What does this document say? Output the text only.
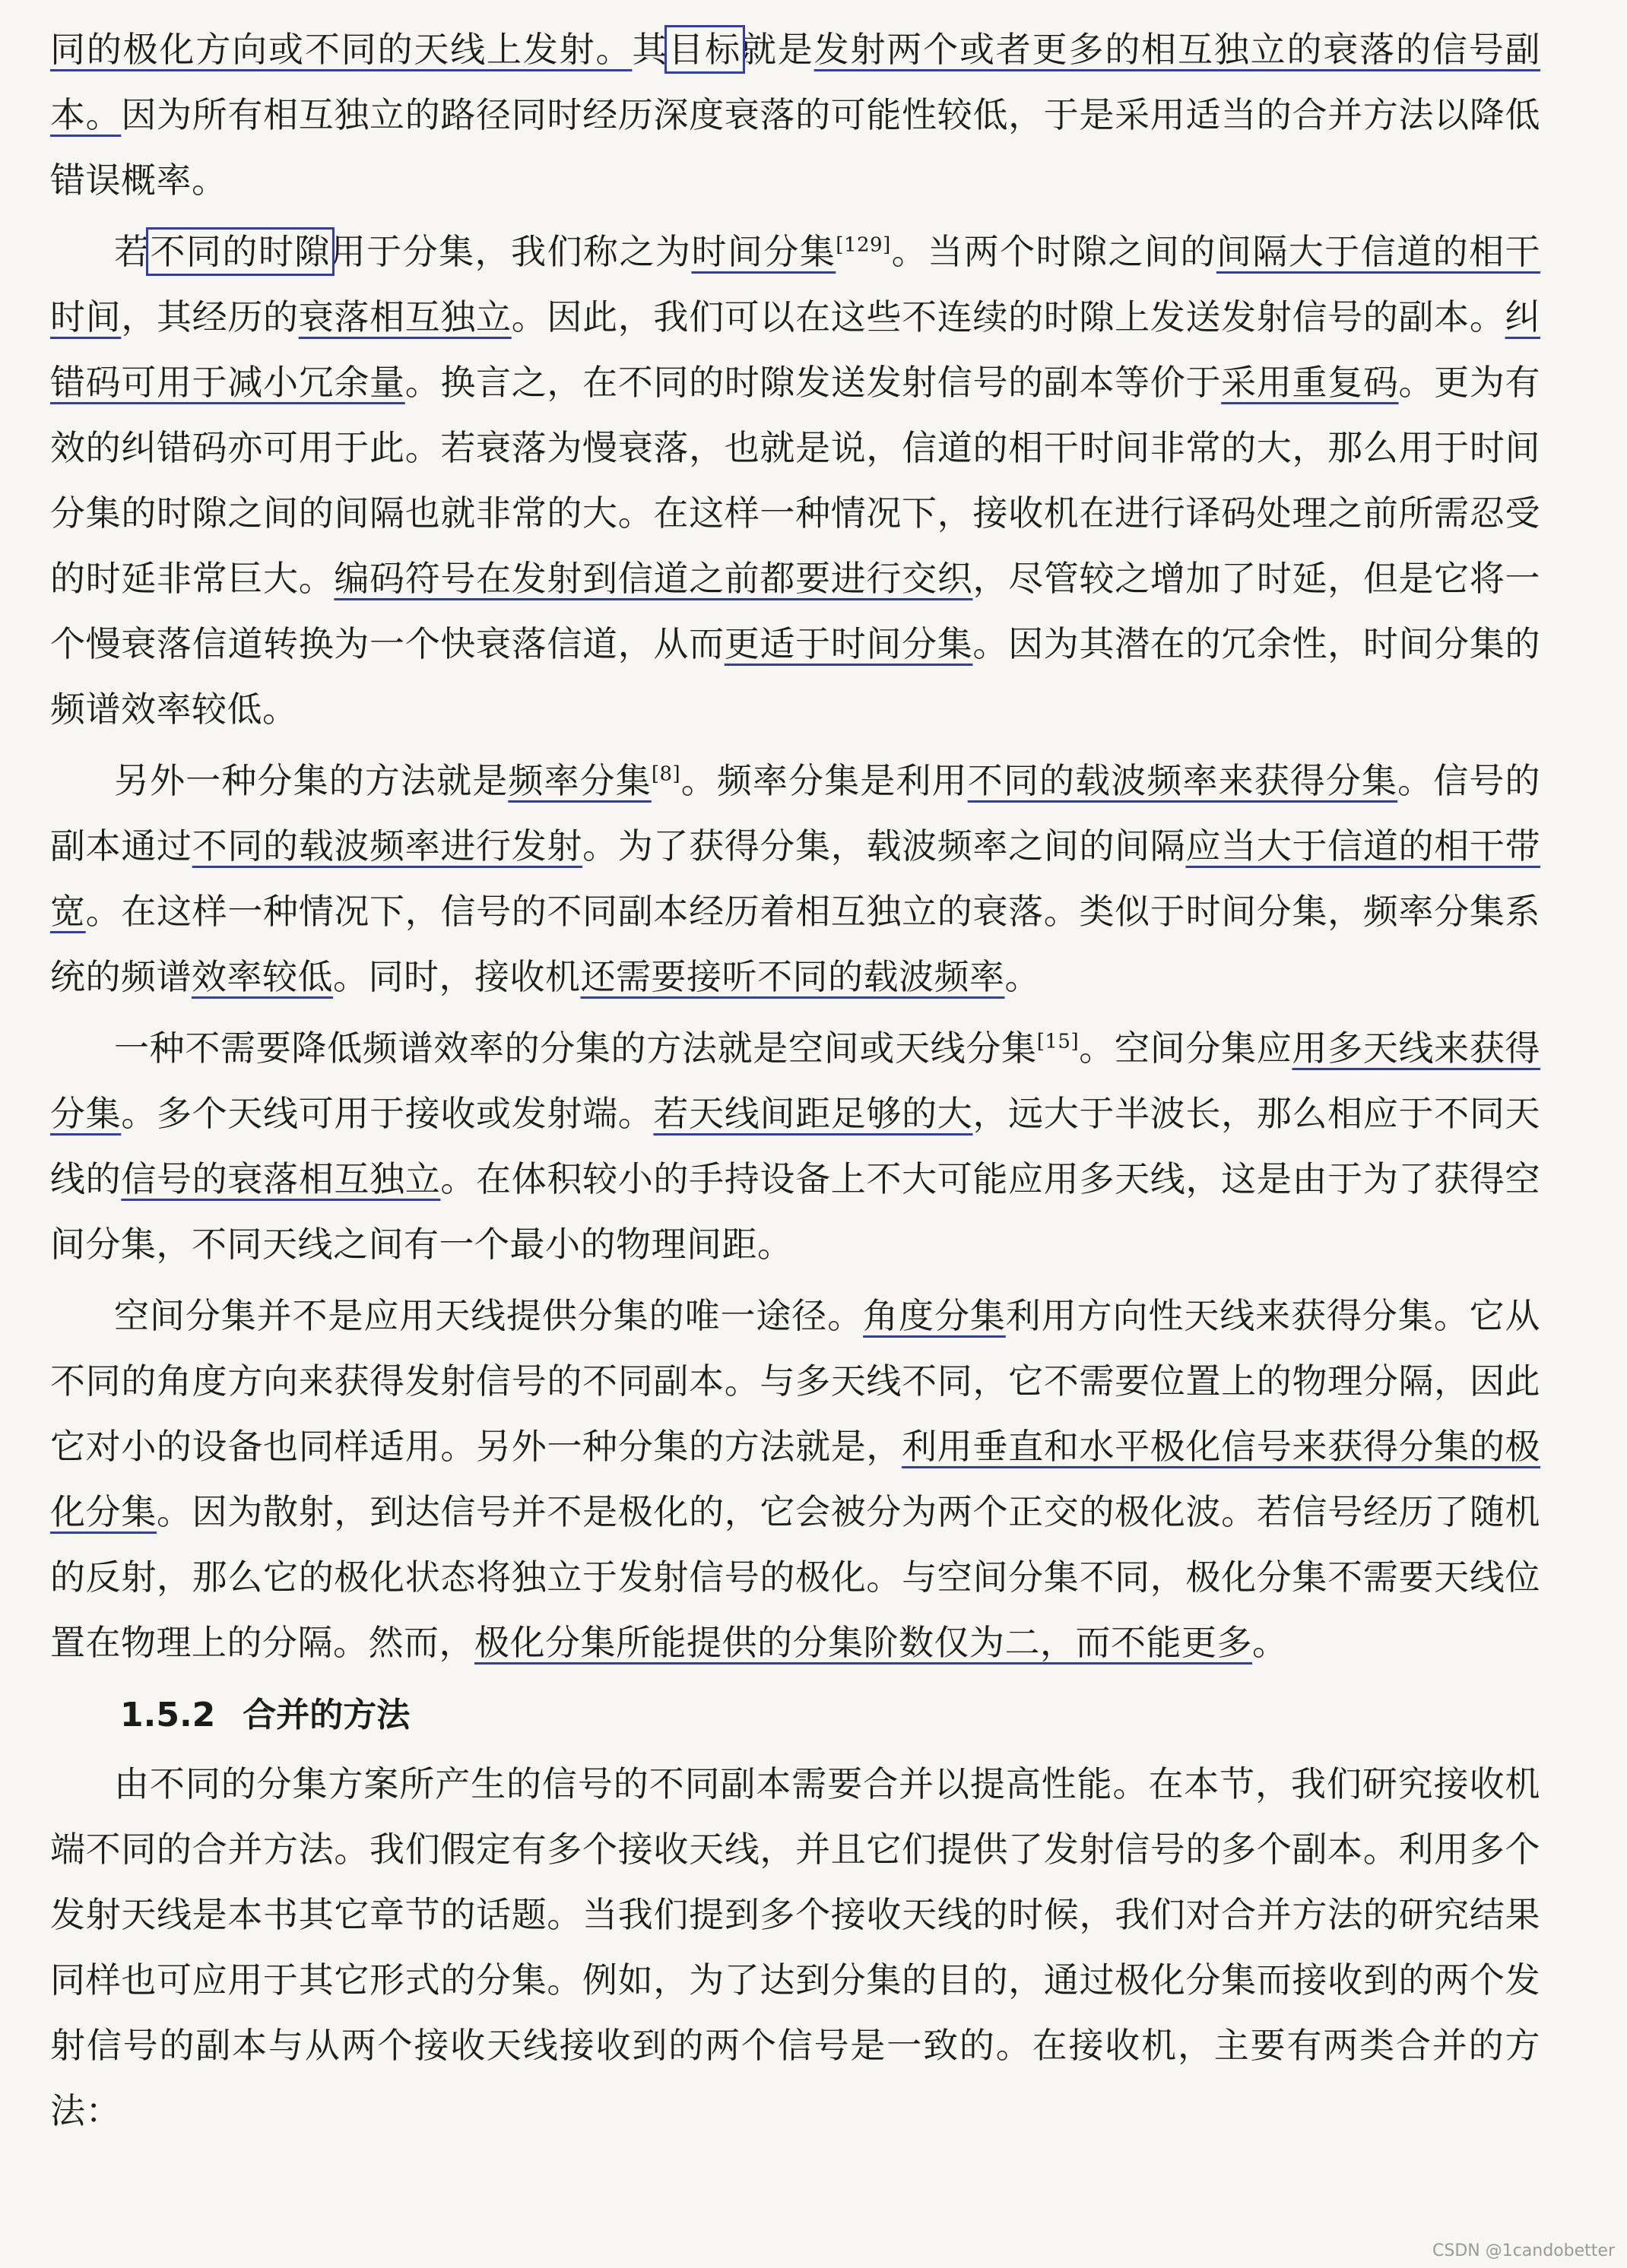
同的极化方向或不同的天线上发射。其目标就是发射两个或者更多的相互独立的衰落的信号副本。因为所有相互独立的路径同时经历深度衰落的可能性较低，于是采用适当的合并方法以降低错误概率。

若不同的时隙用于分集，我们称之为时间分集[129]。当两个时隙之间的间隔大于信道的相干时间，其经历的衰落相互独立。因此，我们可以在这些不连续的时隙上发送发射信号的副本。纠错码可用于减小冗余量。换言之，在不同的时隙发送发射信号的副本等价于采用重复码。更为有效的纠错码亦可用于此。若衰落为慢衰落，也就是说，信道的相干时间非常的大，那么用于时间分集的时隙之间的间隔也就非常的大。在这样一种情况下，接收机在进行译码处理之前所需忍受的时延非常巨大。编码符号在发射到信道之前都要进行交织，尽管较之增加了时延，但是它将一个慢衰落信道转换为一个快衰落信道，从而更适于时间分集。因为其潜在的冗余性，时间分集的频谱效率较低。

另外一种分集的方法就是频率分集[8]。频率分集是利用不同的载波频率来获得分集。信号的副本通过不同的载波频率进行发射。为了获得分集，载波频率之间的间隔应当大于信道的相干带宽。在这样一种情况下，信号的不同副本经历着相互独立的衰落。类似于时间分集，频率分集系统的频谱效率较低。同时，接收机还需要接听不同的载波频率。

一种不需要降低频谱效率的分集的方法就是空间或天线分集[15]。空间分集应用多天线来获得分集。多个天线可用于接收或发射端。若天线间距足够的大，远大于半波长，那么相应于不同天线的信号的衰落相互独立。在体积较小的手持设备上不大可能应用多天线，这是由于为了获得空间分集，不同天线之间有一个最小的物理间距。

空间分集并不是应用天线提供分集的唯一途径。角度分集利用方向性天线来获得分集。它从不同的角度方向来获得发射信号的不同副本。与多天线不同，它不需要位置上的物理分隔，因此它对小的设备也同样适用。另外一种分集的方法就是，利用垂直和水平极化信号来获得分集的极化分集。因为散射，到达信号并不是极化的，它会被分为两个正交的极化波。若信号经历了随机的反射，那么它的极化状态将独立于发射信号的极化。与空间分集不同，极化分集不需要天线位置在物理上的分隔。然而，极化分集所能提供的分集阶数仅为二，而不能更多。

1.5.2 合并的方法

由不同的分集方案所产生的信号的不同副本需要合并以提高性能。在本节，我们研究接收机端不同的合并方法。我们假定有多个接收天线，并且它们提供了发射信号的多个副本。利用多个发射天线是本书其它章节的话题。当我们提到多个接收天线的时候，我们对合并方法的研究结果同样也可应用于其它形式的分集。例如，为了达到分集的目的，通过极化分集而接收到的两个发射信号的副本与从两个接收天线接收到的两个信号是一致的。在接收机，主要有两类合并的方法：

CSDN @1candobetter
